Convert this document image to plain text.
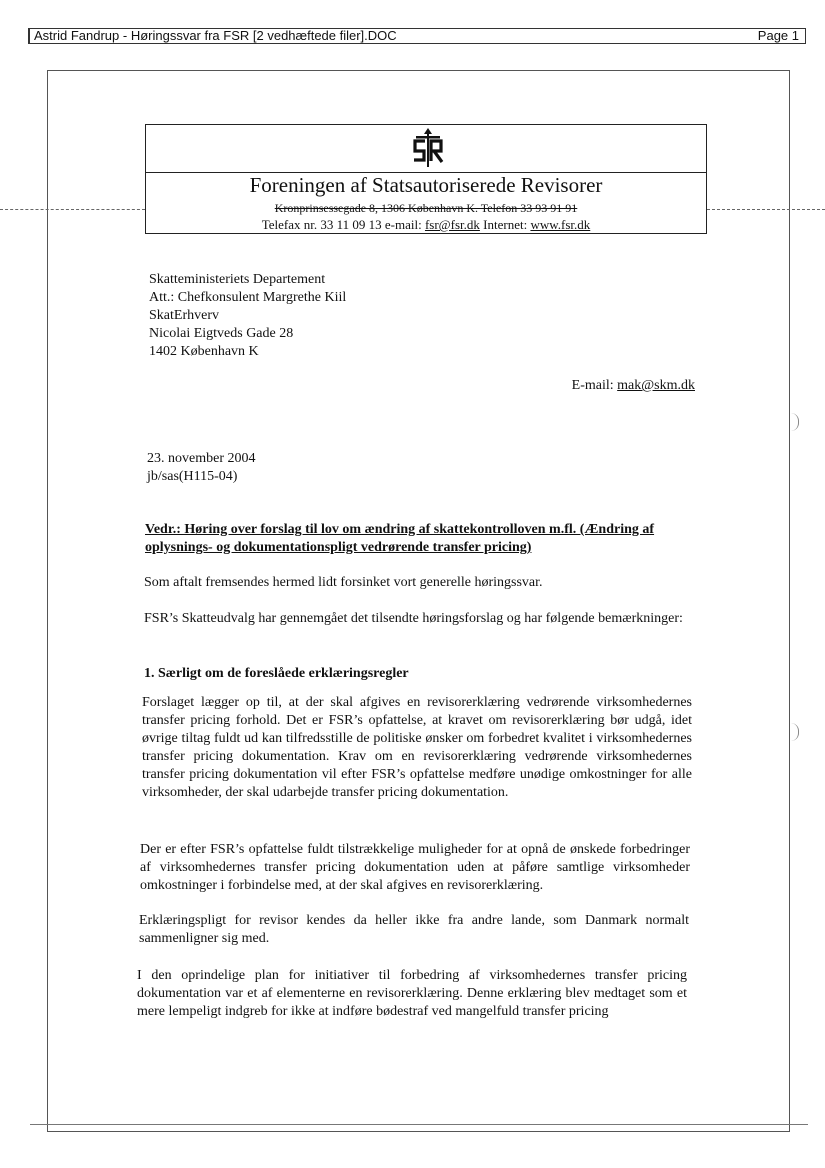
Astrid Fandrup - Høringssvar fra FSR [2 vedhæftede filer].DOC	Page 1
Foreningen af Statsautoriserede Revisorer
Kronprinsessegade 8, 1306 København K. Telefon 33 93 91 91
Telefax nr. 33 11 09 13 e-mail: fsr@fsr.dk Internet: www.fsr.dk
Skatteministeriets Departement
Att.: Chefkonsulent Margrethe Kiil
SkatErhverv
Nicolai Eigtveds Gade 28
1402 København K
E-mail: mak@skm.dk
23. november 2004
jb/sas(H115-04)
Vedr.: Høring over forslag til lov om ændring af skattekontrolloven m.fl. (Ændring af
oplysnings- og dokumentationspligt vedrørende transfer pricing)
Som aftalt fremsendes hermed lidt forsinket vort generelle høringssvar.
FSR’s Skatteudvalg har gennemgået det tilsendte høringsforslag og har følgende bemærkninger:
1. Særligt om de foreslåede erklæringsregler
Forslaget lægger op til, at der skal afgives en revisorerklæring vedrørende virksomhedernes transfer pricing forhold. Det er FSR’s opfattelse, at kravet om revisorerklæring bør udgå, idet øvrige tiltag fuldt ud kan tilfredsstille de politiske ønsker om forbedret kvalitet i virksomhedernes transfer pricing dokumentation. Krav om en revisorerklæring vedrørende virksomhedernes transfer pricing dokumentation vil efter FSR’s opfattelse medføre unødige omkostninger for alle virksomheder, der skal udarbejde transfer pricing dokumentation.
Der er efter FSR’s opfattelse fuldt tilstrækkelige muligheder for at opnå de ønskede forbedringer af virksomhedernes transfer pricing dokumentation uden at påføre samtlige virksomheder omkostninger i forbindelse med, at der skal afgives en revisorerklæring.
Erklæringspligt for revisor kendes da heller ikke fra andre lande, som Danmark normalt sammenligner sig med.
I den oprindelige plan for initiativer til forbedring af virksomhedernes transfer pricing dokumentation var et af elementerne en revisorerklæring. Denne erklæring blev medtaget som et mere lempeligt indgreb for ikke at indføre bødestraf ved mangelfuld transfer pricing
